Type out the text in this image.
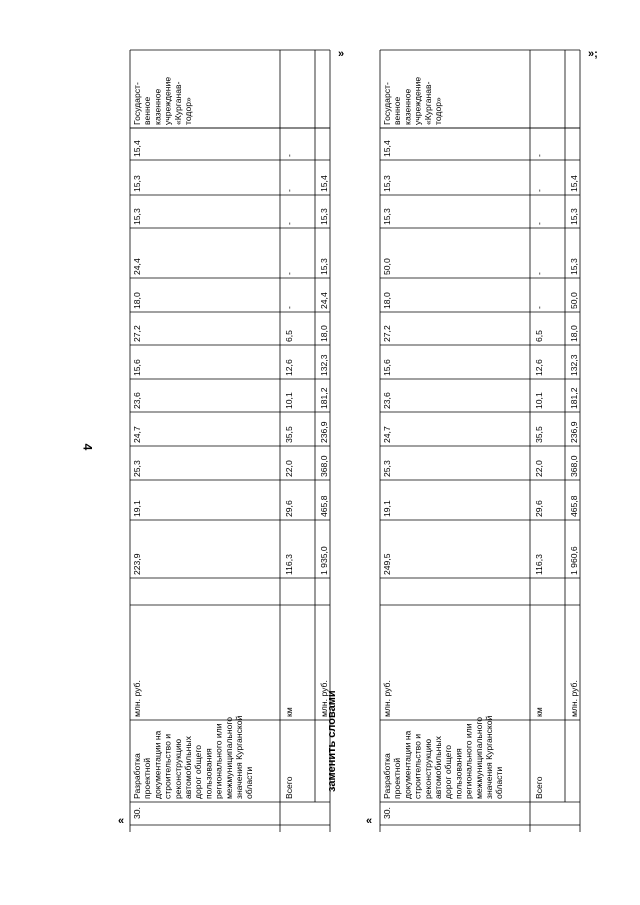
4
«
»
заменить словами
«
»;
30.
Разработка проектной документации на строительство и реконструкцию автомобильных дорог общего пользования регионального или межмуниципального значения Курганской области
млн. руб.
223,9
19,1
25,3
24,7
23,6
15,6
27,2
18,0
24,4
15,3
15,3
15,4
Государст- венное казенное учреждение «Курганав- тодор»
Всего
км
116,3
29,6
22,0
35,5
10,1
12,6
6,5
-
-
-
-
-
млн. руб.
1 935,0
465,8
368,0
236,9
181,2
132,3
18,0
24,4
15,3
15,3
15,4
30.
Разработка проектной документации на строительство и реконструкцию автомобильных дорог общего пользования регионального или межмуниципального значения Курганской области
млн. руб.
249,5
19,1
25,3
24,7
23,6
15,6
27,2
18,0
50,0
15,3
15,3
15,4
Государст- венное казенное учреждение «Курганав- тодор»
Всего
км
116,3
29,6
22,0
35,5
10,1
12,6
6,5
-
-
-
-
-
млн. руб.
1 960,6
465,8
368,0
236,9
181,2
132,3
18,0
50,0
15,3
15,3
15,4
